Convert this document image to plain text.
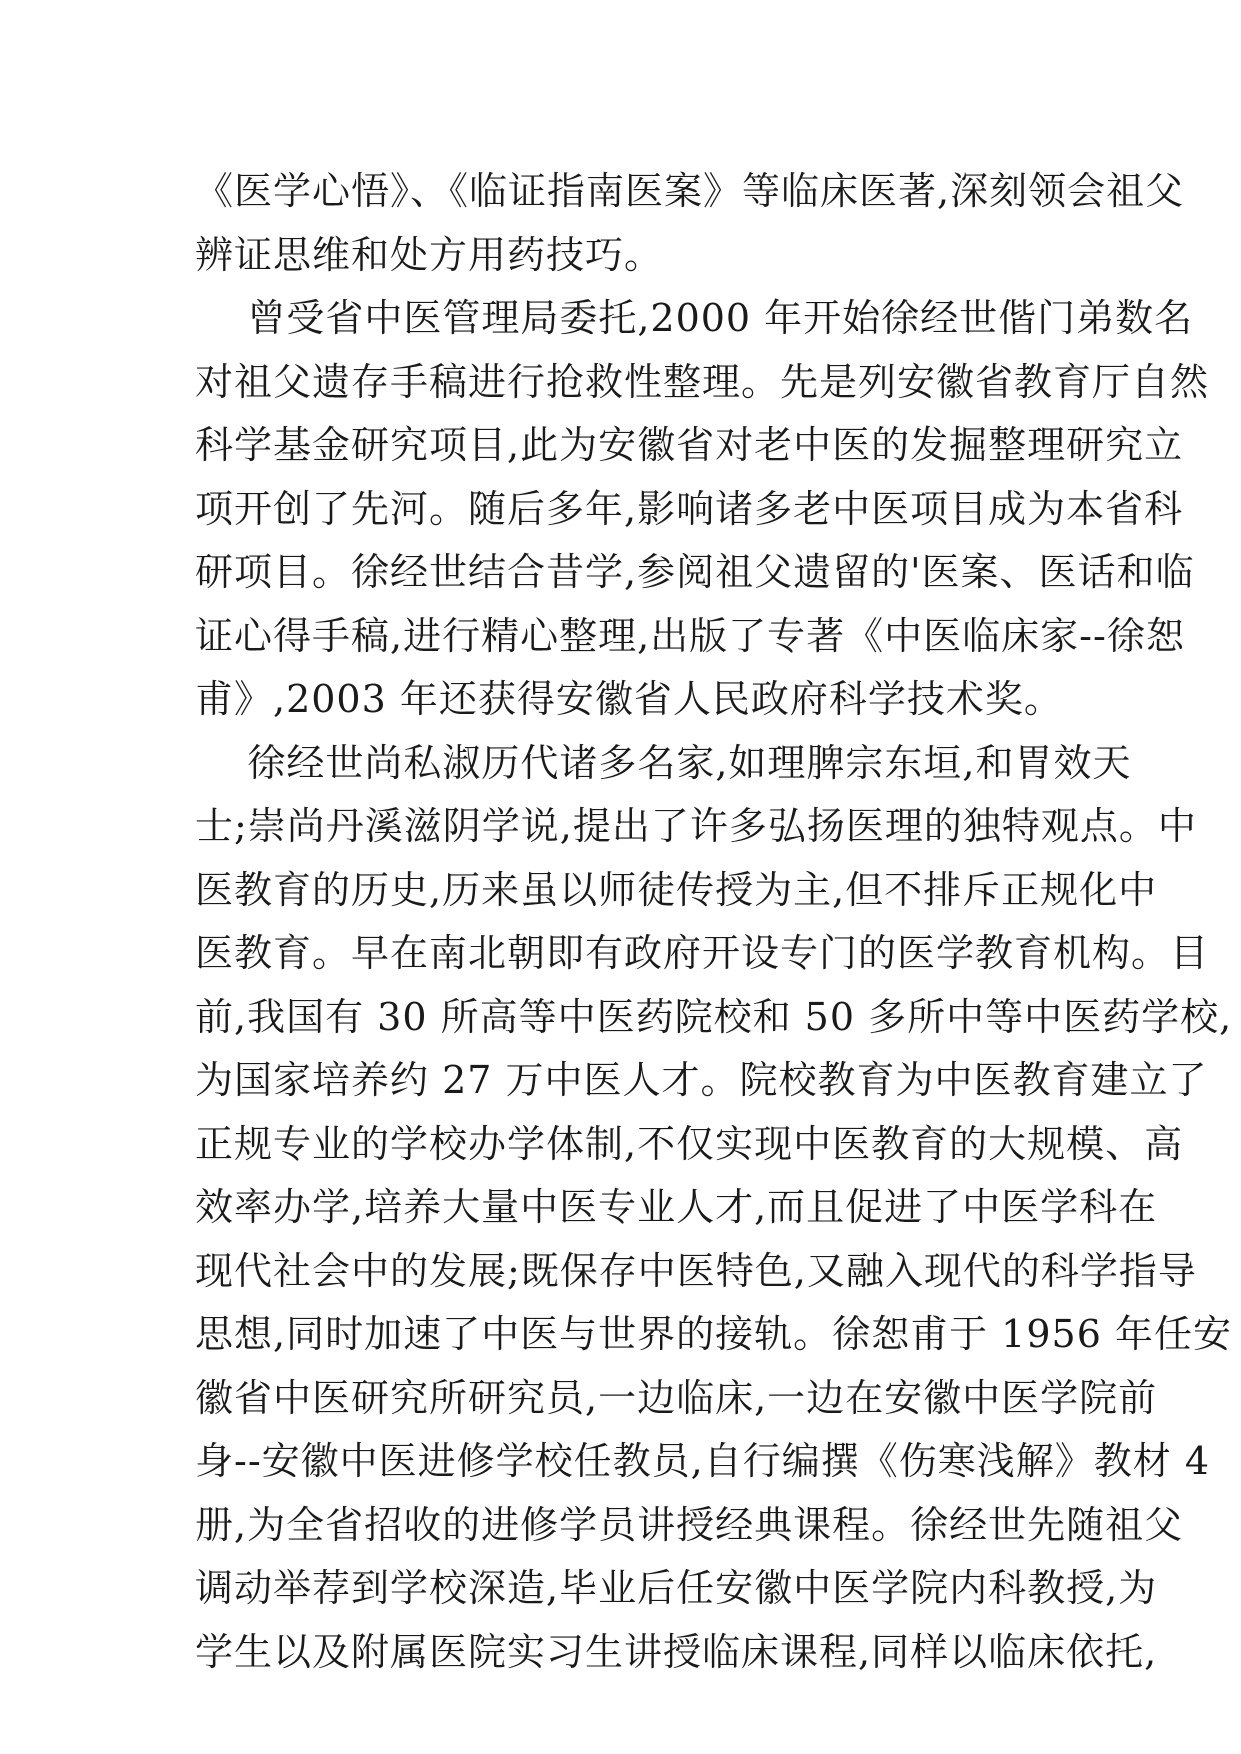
《医学心悟》、《临证指南医案》等临床医著,深刻领会祖父
辨证思维和处方用药技巧。
曾受省中医管理局委托,2000 年开始徐经世偕门弟数名
对祖父遗存手稿进行抢救性整理。先是列安徽省教育厅自然
科学基金研究项目,此为安徽省对老中医的发掘整理研究立
项开创了先河。随后多年,影响诸多老中医项目成为本省科
研项目。徐经世结合昔学,参阅祖父遗留的'医案、医话和临
证心得手稿,进行精心整理,出版了专著《中医临床家--徐恕
甫》,2003 年还获得安徽省人民政府科学技术奖。
徐经世尚私淑历代诸多名家,如理脾宗东垣,和胃效天
士;崇尚丹溪滋阴学说,提出了许多弘扬医理的独特观点。中
医教育的历史,历来虽以师徒传授为主,但不排斥正规化中
医教育。早在南北朝即有政府开设专门的医学教育机构。目
前,我国有 30 所高等中医药院校和 50 多所中等中医药学校,
为国家培养约 27 万中医人才。院校教育为中医教育建立了
正规专业的学校办学体制,不仅实现中医教育的大规模、高
效率办学,培养大量中医专业人才,而且促进了中医学科在
现代社会中的发展;既保存中医特色,又融入现代的科学指导
思想,同时加速了中医与世界的接轨。徐恕甫于 1956 年任安
徽省中医研究所研究员,一边临床,一边在安徽中医学院前
身--安徽中医进修学校任教员,自行编撰《伤寒浅解》教材 4
册,为全省招收的进修学员讲授经典课程。徐经世先随祖父
调动举荐到学校深造,毕业后任安徽中医学院内科教授,为
学生以及附属医院实习生讲授临床课程,同样以临床依托,
